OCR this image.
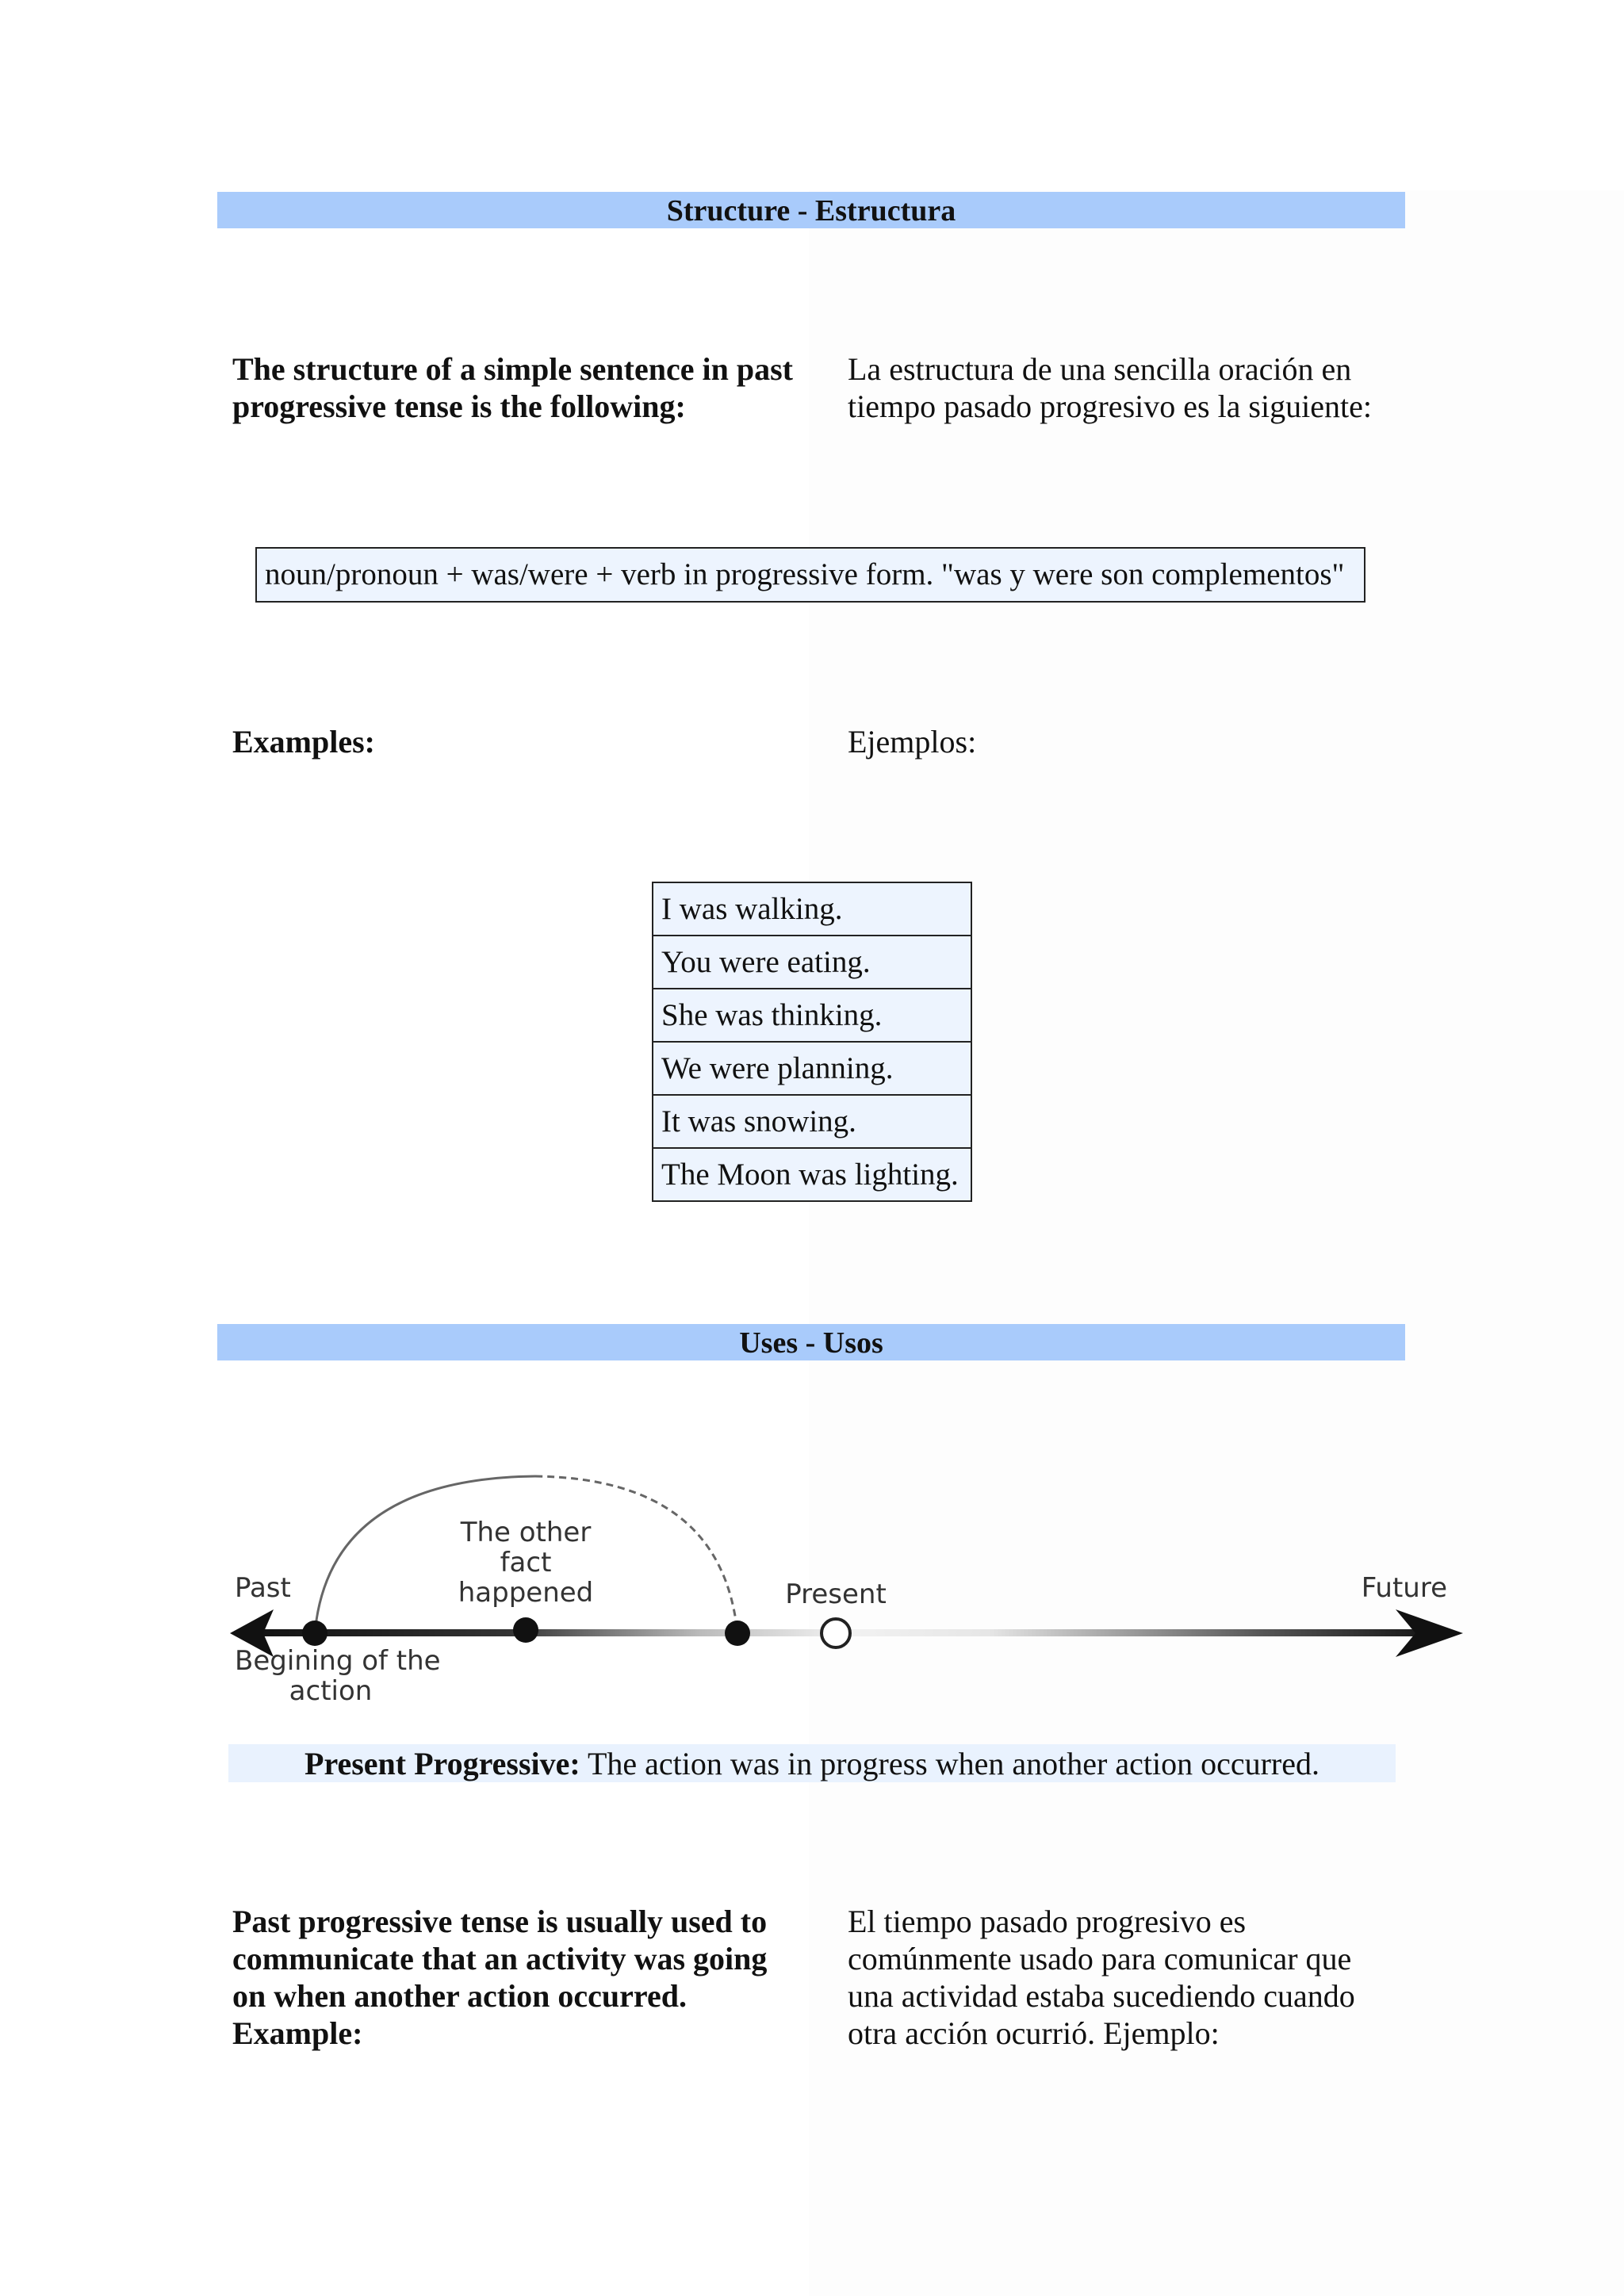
Structure - Estructura

The structure of a simple sentence in past progressive tense is the following:

La estructura de una sencilla oración en tiempo pasado progresivo es la siguiente:

noun/pronoun + was/were + verb in progressive form. "was y were son complementos"

Examples:	Ejemplos:

I was walking.
You were eating.
She was thinking.
We were planning.
It was snowing.
The Moon was lighting.
Uses - Usos
Past	Future
Present
The other
fact
happened
Begining of the
action
Present Progressive: The action was in progress when another action occurred.

Past progressive tense is usually used to communicate that an activity was going on when another action occurred. Example:

El tiempo pasado progresivo es comúnmente usado para comunicar que una actividad estaba sucediendo cuando otra acción ocurrió. Ejemplo:
